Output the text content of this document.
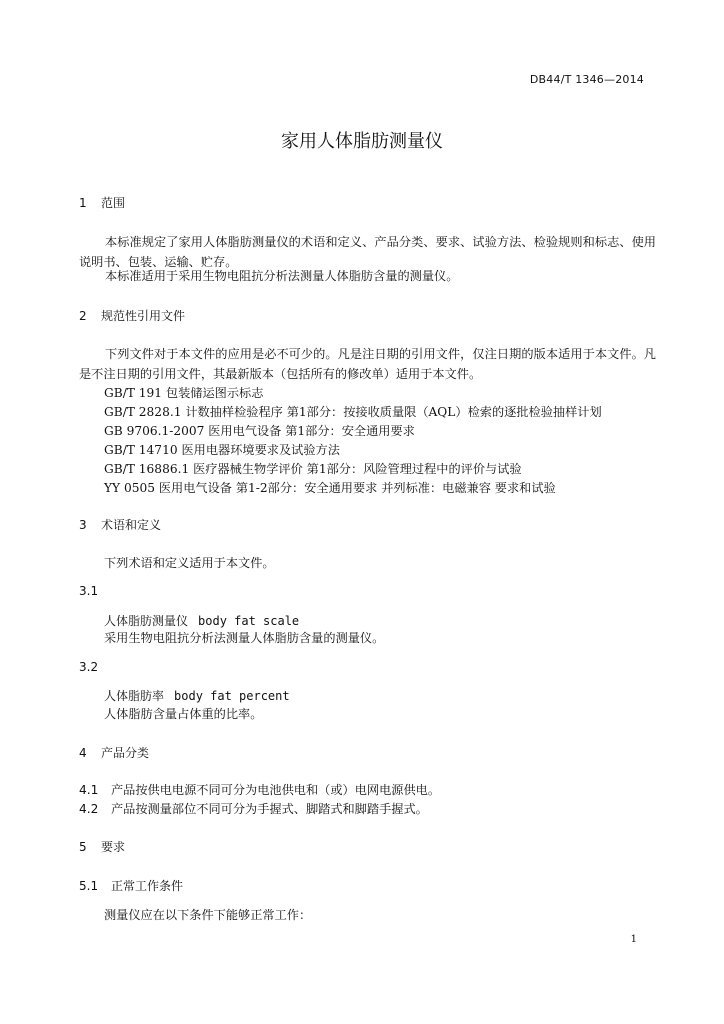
DB44/T 1346—2014
家用人体脂肪测量仪
1 范围
本标准规定了家用人体脂肪测量仪的术语和定义、产品分类、要求、试验方法、检验规则和标志、使用说明书、包装、运输、贮存。
本标准适用于采用生物电阻抗分析法测量人体脂肪含量的测量仪。
2 规范性引用文件
下列文件对于本文件的应用是必不可少的。凡是注日期的引用文件，仅注日期的版本适用于本文件。凡是不注日期的引用文件，其最新版本（包括所有的修改单）适用于本文件。
GB/T 191 包装储运图示标志
GB/T 2828.1 计数抽样检验程序 第1部分：按接收质量限（AQL）检索的逐批检验抽样计划
GB 9706.1-2007 医用电气设备 第1部分：安全通用要求
GB/T 14710 医用电器环境要求及试验方法
GB/T 16886.1 医疗器械生物学评价 第1部分：风险管理过程中的评价与试验
YY 0505 医用电气设备 第1-2部分：安全通用要求 并列标准：电磁兼容 要求和试验
3 术语和定义
下列术语和定义适用于本文件。
3.1
人体脂肪测量仪 body fat scale
采用生物电阻抗分析法测量人体脂肪含量的测量仪。
3.2
人体脂肪率 body fat percent
人体脂肪含量占体重的比率。
4 产品分类
4.1 产品按供电电源不同可分为电池供电和（或）电网电源供电。
4.2 产品按测量部位不同可分为手握式、脚踏式和脚踏手握式。
5 要求
5.1 正常工作条件
测量仪应在以下条件下能够正常工作：
1
